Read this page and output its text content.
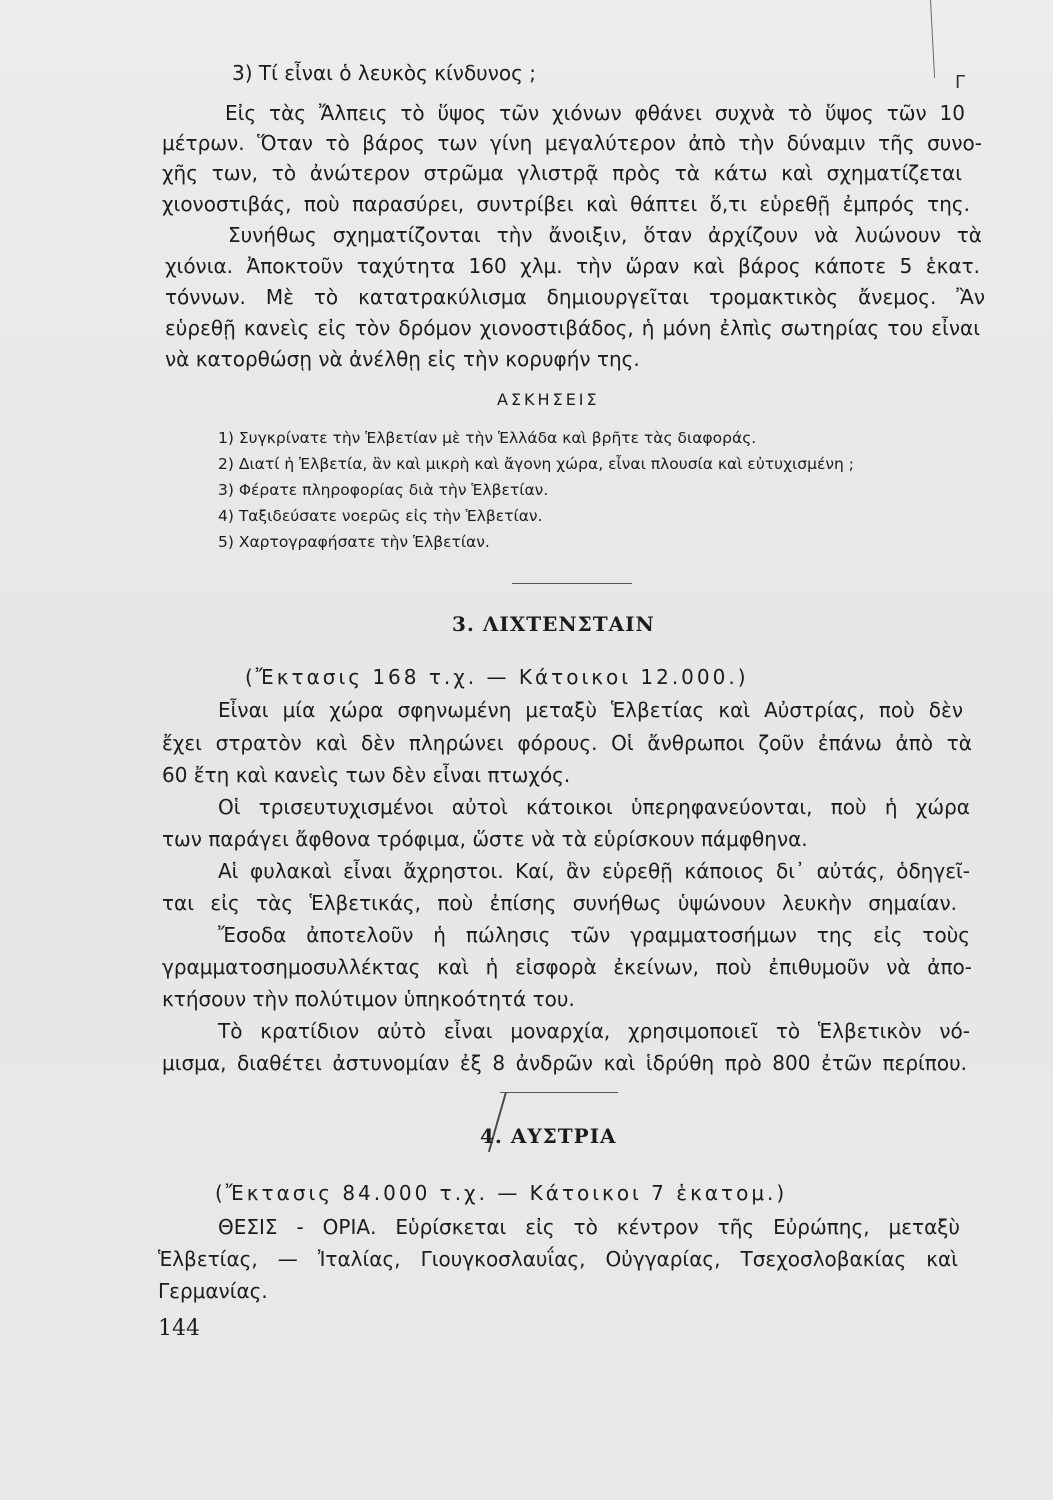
Γ
3) Τί εἶναι ὁ λευκὸς κίνδυνος ;
Εἰς τὰς Ἄλπεις τὸ ὕψος τῶν χιόνων φθάνει συχνὰ τὸ ὕψος τῶν 10
μέτρων. Ὅταν τὸ βάρος των γίνη μεγαλύτερον ἀπὸ τὴν δύναμιν τῆς συνο-
χῆς των, τὸ ἀνώτερον στρῶμα γλιστρᾷ πρὸς τὰ κάτω καὶ σχηματίζεται
χιονοστιβάς, ποὺ παρασύρει, συντρίβει καὶ θάπτει ὅ,τι εὑρεθῇ ἐμπρός της.
Συνήθως σχηματίζονται τὴν ἄνοιξιν, ὅταν ἀρχίζουν νὰ λυώνουν τὰ
χιόνια. Ἀποκτοῦν ταχύτητα 160 χλμ. τὴν ὥραν καὶ βάρος κάποτε 5 ἑκατ.
τόννων. Μὲ τὸ κατατρακύλισμα δημιουργεῖται τρομακτικὸς ἄνεμος. Ἂν
εὑρεθῇ κανεὶς εἰς τὸν δρόμον χιονοστιβάδος, ἡ μόνη ἐλπὶς σωτηρίας του εἶναι
νὰ κατορθώσῃ νὰ ἀνέλθῃ εἰς τὴν κορυφήν της.
ΑΣΚΗΣΕΙΣ
1) Συγκρίνατε τὴν Ἑλβετίαν μὲ τὴν Ἑλλάδα καὶ βρῆτε τὰς διαφοράς.
2) Διατί ἡ Ἑλβετία, ἂν καὶ μικρὴ καὶ ἄγονη χώρα, εἶναι πλουσία καὶ εὐτυχισμένη ;
3) Φέρατε πληροφορίας διὰ τὴν Ἑλβετίαν.
4) Ταξιδεύσατε νοερῶς εἰς τὴν Ἑλβετίαν.
5) Χαρτογραφήσατε τὴν Ἑλβετίαν.
3. ΛΙΧΤΕΝΣΤΑΙΝ
(Ἔκτασις 168 τ.χ. — Κάτοικοι 12.000.)
Εἶναι μία χώρα σφηνωμένη μεταξὺ Ἑλβετίας καὶ Αὐστρίας, ποὺ δὲν
ἔχει στρατὸν καὶ δὲν πληρώνει φόρους. Οἱ ἄνθρωποι ζοῦν ἐπάνω ἀπὸ τὰ
60 ἔτη καὶ κανεὶς των δὲν εἶναι πτωχός.
Οἱ τρισευτυχισμένοι αὐτοὶ κάτοικοι ὑπερηφανεύονται, ποὺ ἡ χώρα
των παράγει ἄφθονα τρόφιμα, ὥστε νὰ τὰ εὑρίσκουν πάμφθηνα.
Αἱ φυλακαὶ εἶναι ἄχρηστοι. Καί, ἂν εὑρεθῇ κάποιος δι᾽ αὐτάς, ὁδηγεῖ-
ται εἰς τὰς Ἑλβετικάς, ποὺ ἐπίσης συνήθως ὑψώνουν λευκὴν σημαίαν.
Ἔσοδα ἀποτελοῦν ἡ πώλησις τῶν γραμματοσήμων της εἰς τοὺς
γραμματοσημοσυλλέκτας καὶ ἡ εἰσφορὰ ἐκείνων, ποὺ ἐπιθυμοῦν νὰ ἀπο-
κτήσουν τὴν πολύτιμον ὑπηκοότητά του.
Τὸ κρατίδιον αὐτὸ εἶναι μοναρχία, χρησιμοποιεῖ τὸ Ἑλβετικὸν νό-
μισμα, διαθέτει ἀστυνομίαν ἐξ 8 ἀνδρῶν καὶ ἱδρύθη πρὸ 800 ἐτῶν περίπου.
4. ΑΥΣΤΡΙΑ
(Ἔκτασις 84.000 τ.χ. — Κάτοικοι 7 ἑκατομ.)
ΘΕΣΙΣ - ΟΡΙΑ. Εὑρίσκεται εἰς τὸ κέντρον τῆς Εὐρώπης, μεταξὺ
Ἑλβετίας, — Ἰταλίας, Γιουγκοσλαυΐας, Οὐγγαρίας, Τσεχοσλοβακίας καὶ
Γερμανίας.
144
